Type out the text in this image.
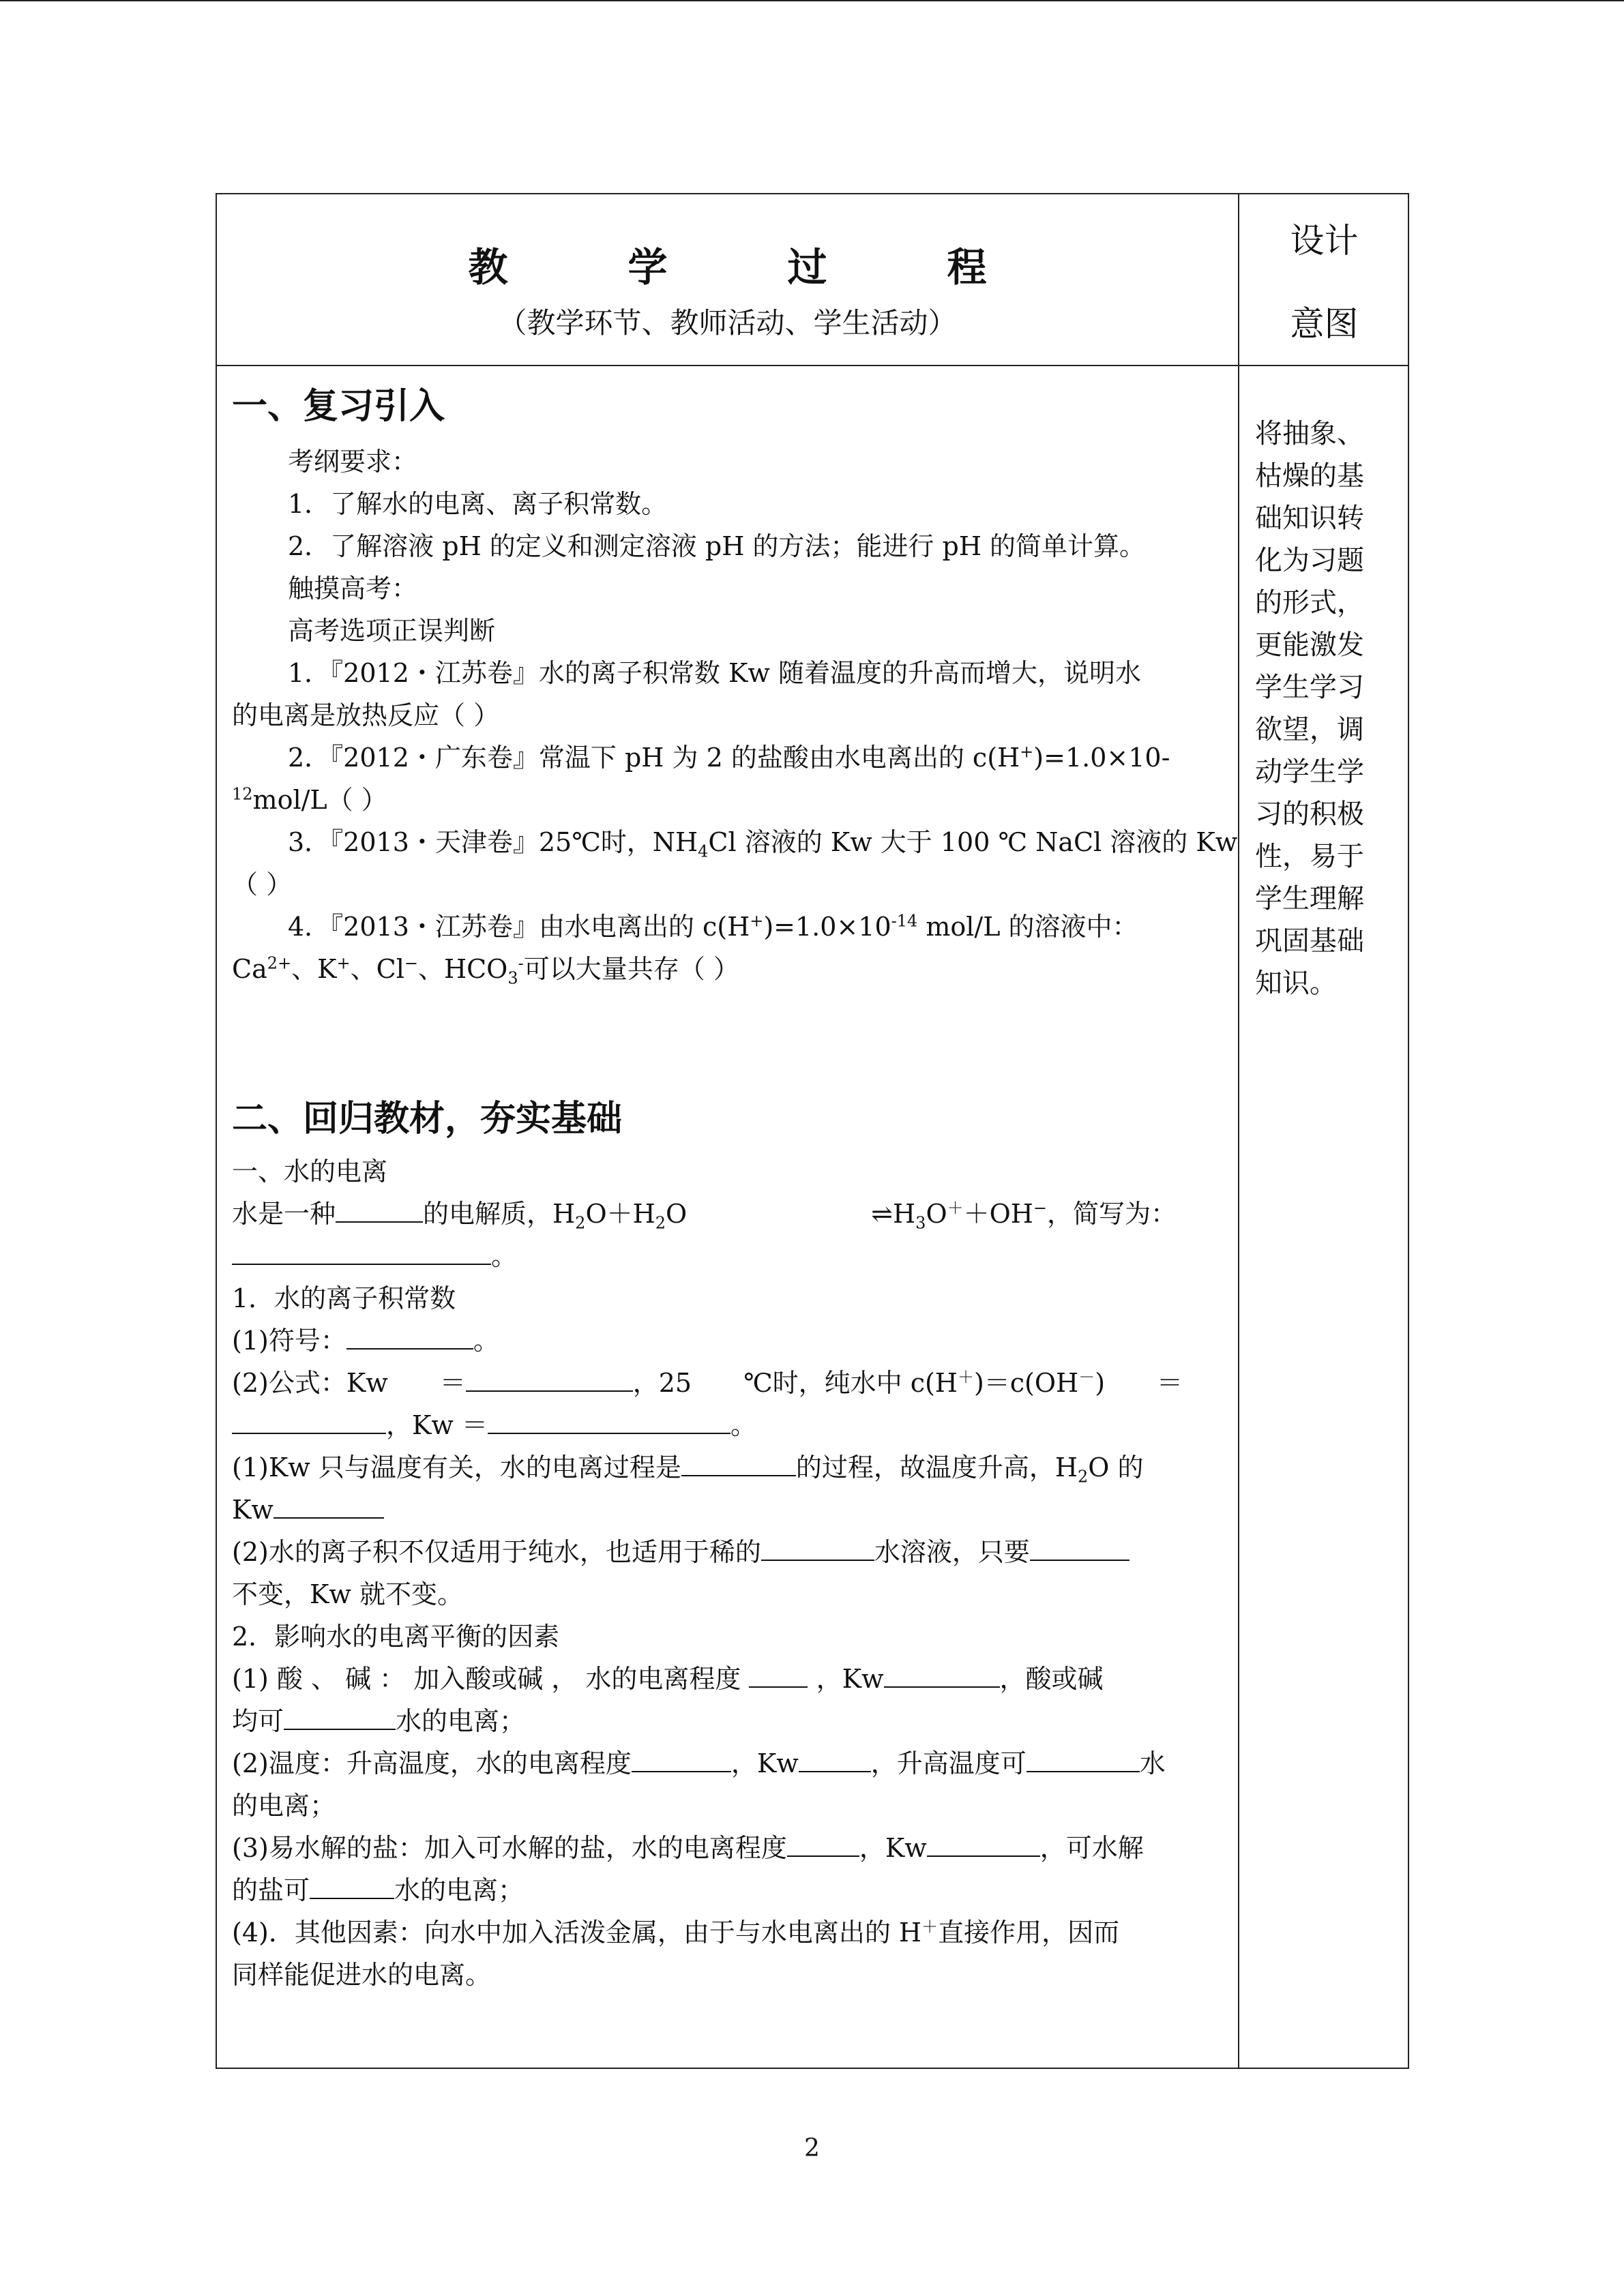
教　　	学　　	过　　	程
（教学环节、教师活动、学生活动）
设计
意图
一、复习引入
考纲要求：
1．了解水的电离、离子积常数。
2．了解溶液 pH 的定义和测定溶液 pH 的方法；能进行 pH 的简单计算。
触摸高考：
高考选项正误判断
1．『2012・江苏卷』水的离子积常数 Kw 随着温度的升高而增大，说明水
的电离是放热反应（ ）
2．『2012・广东卷』常温下 pH 为 2 的盐酸由水电离出的 c(H+)=1.0×10-
$^{12}$mol/L（ ）
3．『2013・天津卷』25℃时，$NH_4Cl$ 溶液的 Kw 大于 100 ℃ NaCl 溶液的 Kw
（ ）
4．『2013・江苏卷』由水电离出的 $c(H^+)=1.0\times 10^{-14}$ mol/L 的溶液中：
$Ca^{2+}$、K+、Cl−、$HCO_3^-$可以大量共存（ ）
二、回归教材，夯实基础
一、水的电离
水是一种	的电解质，$H_2O+H_2O$	$\rightleftharpoons H_3O^++OH^-$，简写为：
。
1．水的离子积常数
(1)符号：	。
(2)公式：Kw　　＝	，25　　℃时，纯水中 c(H＋)＝c(OH－)　　＝
，Kw ＝	。
(1)Kw 只与温度有关，水的电离过程是	的过程，故温度升高，$H_2O$ 的
Kw
(2)水的离子积不仅适用于纯水，也适用于稀的	水溶液，只要
不变，Kw 就不变。
2．影响水的电离平衡的因素
(1) 酸 、 碱 ： 加入酸或碱 ， 水的电离程度	，Kw	，酸或碱
均可	水的电离；
(2)温度：升高温度，水的电离程度	，Kw	，升高温度可	水
的电离；
(3)易水解的盐：加入可水解的盐，水的电离程度	，Kw	，可水解
的盐可	水的电离；
(4)．其他因素：向水中加入活泼金属，由于与水电离出的 H＋直接作用，因而
同样能促进水的电离。
将抽象、
枯燥的基
础知识转
化为习题
的形式，
更能激发
学生学习
欲望，调
动学生学
习的积极
性，易于
学生理解
巩固基础
知识。
2
